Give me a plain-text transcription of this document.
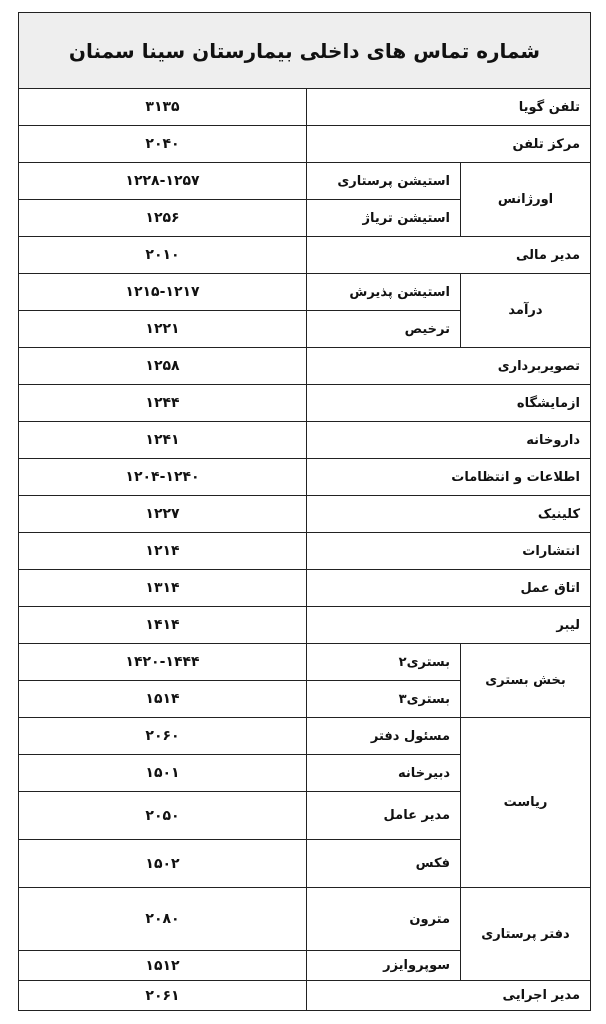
شماره تماس های داخلی بیمارستان سینا سمنان		
تلفن گویا		۳۱۳۵
مرکز تلفن		۲۰۴۰
اورژانس	استیشن پرستاری	۱۲۲۸-۱۲۵۷
	استیشن تریاژ	۱۲۵۶
مدیر مالی		۲۰۱۰
درآمد	استیشن پذیرش	۱۲۱۵-۱۲۱۷
	ترخیص	۱۲۲۱
تصویربرداری		۱۲۵۸
ازمایشگاه		۱۲۴۴
داروخانه		۱۲۴۱
اطلاعات و انتظامات		۱۲۰۴-۱۲۴۰
کلینیک		۱۲۲۷
انتشارات		۱۲۱۴
اتاق عمل		۱۳۱۴
لیبر		۱۴۱۴
بخش بستری	بستری۲	۱۴۲۰-۱۴۴۴
	بستری۳	۱۵۱۴
ریاست	مسئول دفتر	۲۰۶۰
	دبیرخانه	۱۵۰۱
	مدیر عامل	۲۰۵۰
	فکس	۱۵۰۲
دفتر پرستاری	مترون	۲۰۸۰
	سوپروایزر	۱۵۱۲
مدیر اجرایی		۲۰۶۱
